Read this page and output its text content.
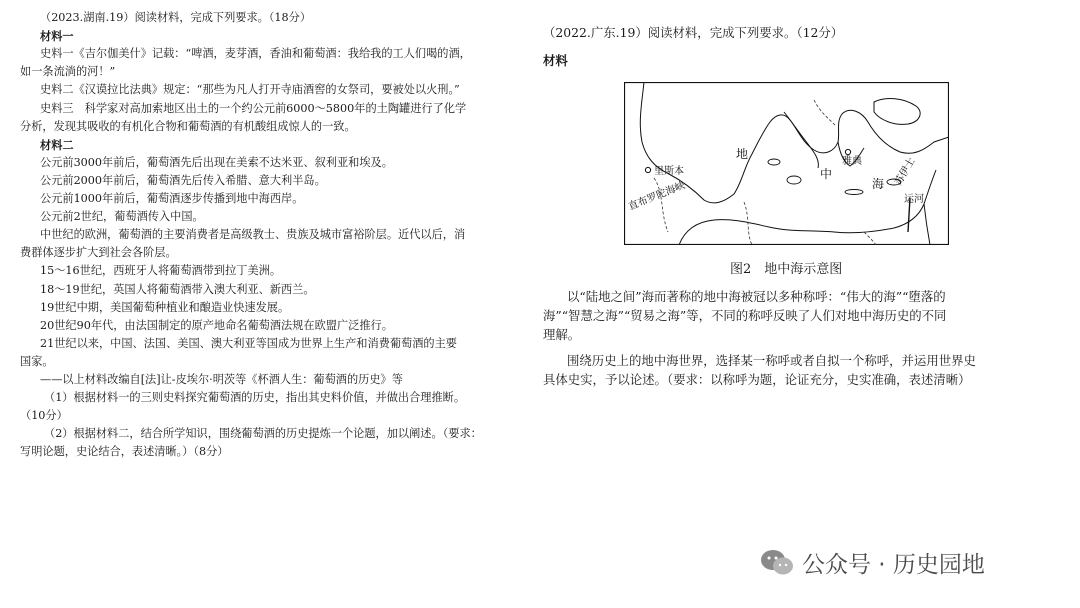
（2023.湖南.19）阅读材料，完成下列要求。（18分）
材料一
史料一《吉尔伽美什》记载：“啤酒，麦芽酒，香油和葡萄酒：我给我的工人们喝的酒，
如一条流淌的河！”
史料二《汉谟拉比法典》规定：“那些为凡人打开寺庙酒窖的女祭司，要被处以火刑。”
史料三　科学家对高加索地区出土的一个约公元前6000～5800年的土陶罐进行了化学
分析，发现其吸收的有机化合物和葡萄酒的有机酸组成惊人的一致。
材料二
公元前3000年前后，葡萄酒先后出现在美索不达米亚、叙利亚和埃及。
公元前2000年前后，葡萄酒先后传入希腊、意大利半岛。
公元前1000年前后，葡萄酒逐步传播到地中海西岸。
公元前2世纪，葡萄酒传入中国。
中世纪的欧洲，葡萄酒的主要消费者是高级教士、贵族及城市富裕阶层。近代以后，消
费群体逐步扩大到社会各阶层。
15～16世纪，西班牙人将葡萄酒带到拉丁美洲。
18～19世纪，英国人将葡萄酒带入澳大利亚、新西兰。
19世纪中期，美国葡萄种植业和酿造业快速发展。
20世纪90年代，由法国制定的原产地命名葡萄酒法规在欧盟广泛推行。
21世纪以来，中国、法国、美国、澳大利亚等国成为世界上生产和消费葡萄酒的主要
国家。
——以上材料改编自[法]让-皮埃尔·明茨等《杯酒人生：葡萄酒的历史》等
（1）根据材料一的三则史料探究葡萄酒的历史，指出其史料价值，并做出合理推断。
（10分）
（2）根据材料二，结合所学知识，围绕葡萄酒的历史提炼一个论题，加以阐述。（要求：
写明论题，史论结合，表述清晰。）（8分）
（2022.广东.19）阅读材料，完成下列要求。（12分）
材料
里斯本
雅典
地
中
海
直布罗陀海峡
苏伊士
运河
图2　地中海示意图
以“陆地之间”海而著称的地中海被冠以多种称呼：“伟大的海”“堕落的
海”“智慧之海”“贸易之海”等，不同的称呼反映了人们对地中海历史的不同
理解。
围绕历史上的地中海世界，选择某一称呼或者自拟一个称呼，并运用世界史
具体史实，予以论述。（要求：以称呼为题，论证充分，史实准确，表述清晰）
公众号 · 历史园地
